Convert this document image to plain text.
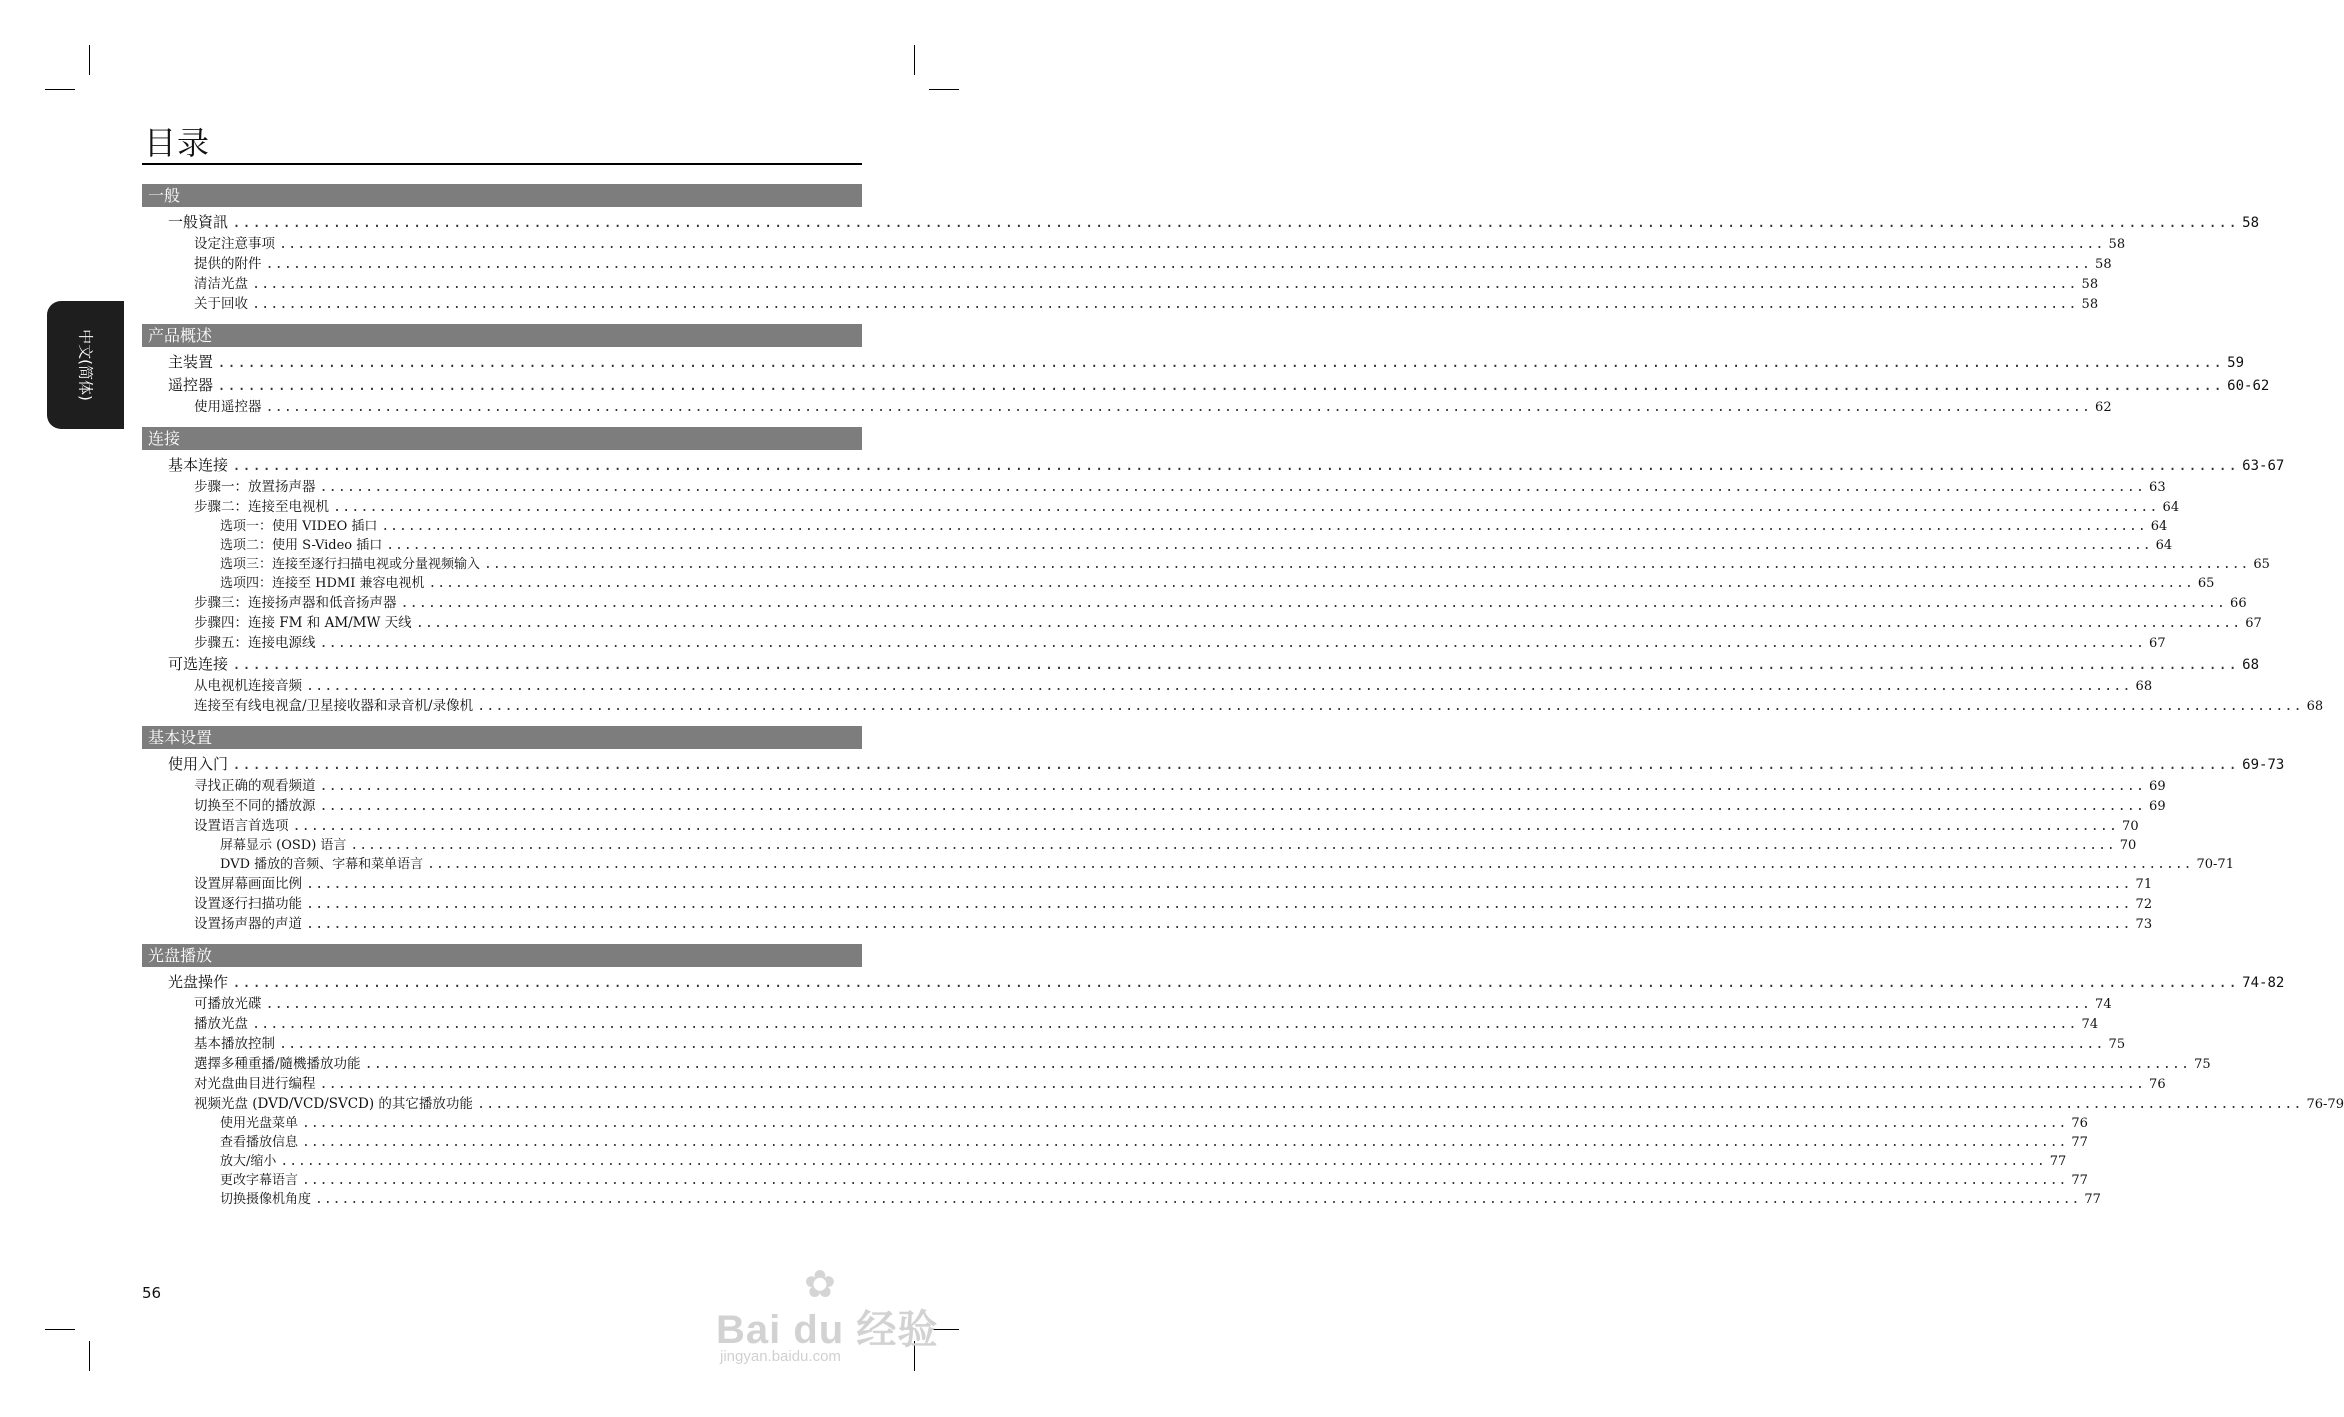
目录
中文(简体)
一般
一般資訊 ........................................................................................................................................................................................................ 58
设定注意事项 ........................................................................................................................................................................................................ 58
提供的附件 ........................................................................................................................................................................................................ 58
清洁光盘 ........................................................................................................................................................................................................ 58
关于回收 ........................................................................................................................................................................................................ 58
产品概述
主装置 ........................................................................................................................................................................................................ 59
遥控器 ........................................................................................................................................................................................................ 60-62
使用遥控器 ........................................................................................................................................................................................................ 62
连接
基本连接 ........................................................................................................................................................................................................ 63-67
步骤一：放置扬声器 ........................................................................................................................................................................................................ 63
步骤二：连接至电视机 ........................................................................................................................................................................................................ 64
选项一：使用 VIDEO 插口 ........................................................................................................................................................................................................ 64
选项二：使用 S-Video 插口 ........................................................................................................................................................................................................ 64
选项三：连接至逐行扫描电视或分量视频输入 ........................................................................................................................................................................................................ 65
选项四：连接至 HDMI 兼容电视机 ........................................................................................................................................................................................................ 65
步骤三：连接扬声器和低音扬声器 ........................................................................................................................................................................................................ 66
步骤四：连接 FM 和 AM/MW 天线 ........................................................................................................................................................................................................ 67
步骤五：连接电源线 ........................................................................................................................................................................................................ 67
可选连接 ........................................................................................................................................................................................................ 68
从电视机连接音频 ........................................................................................................................................................................................................ 68
连接至有线电视盒/卫星接收器和录音机/录像机 ........................................................................................................................................................................................................ 68
基本设置
使用入门 ........................................................................................................................................................................................................ 69-73
寻找正确的观看频道 ........................................................................................................................................................................................................ 69
切换至不同的播放源 ........................................................................................................................................................................................................ 69
设置语言首选项 ........................................................................................................................................................................................................ 70
屏幕显示 (OSD) 语言 ........................................................................................................................................................................................................ 70
DVD 播放的音频、字幕和菜单语言 ........................................................................................................................................................................................................ 70-71
设置屏幕画面比例 ........................................................................................................................................................................................................ 71
设置逐行扫描功能 ........................................................................................................................................................................................................ 72
设置扬声器的声道 ........................................................................................................................................................................................................ 73
光盘播放
光盘操作 ........................................................................................................................................................................................................ 74-82
可播放光碟 ........................................................................................................................................................................................................ 74
播放光盘 ........................................................................................................................................................................................................ 74
基本播放控制 ........................................................................................................................................................................................................ 75
選擇多種重播/隨機播放功能 ........................................................................................................................................................................................................ 75
对光盘曲目进行编程 ........................................................................................................................................................................................................ 76
视频光盘 (DVD/VCD/SVCD) 的其它播放功能 ........................................................................................................................................................................................................ 76-79
使用光盘菜单 ........................................................................................................................................................................................................ 76
查看播放信息 ........................................................................................................................................................................................................ 77
放大/缩小 ........................................................................................................................................................................................................ 77
更改字幕语言 ........................................................................................................................................................................................................ 77
切换摄像机角度 ........................................................................................................................................................................................................ 77
56	✿
Bai du 经验
jingyan.baidu.com
